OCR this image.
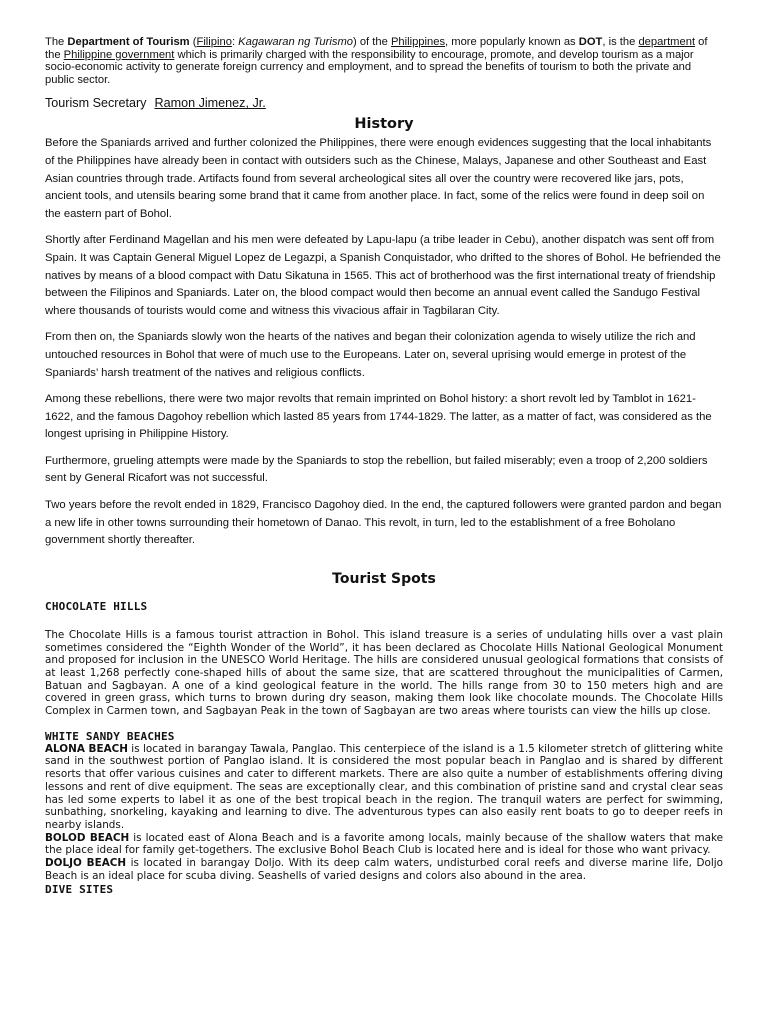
The Department of Tourism (Filipino: Kagawaran ng Turismo) of the Philippines, more popularly known as DOT, is the department of the Philippine government which is primarily charged with the responsibility to encourage, promote, and develop tourism as a major socio-economic activity to generate foreign currency and employment, and to spread the benefits of tourism to both the private and public sector.

Tourism Secretary Ramon Jimenez, Jr.

History

Before the Spaniards arrived and further colonized the Philippines, there were enough evidences suggesting that the local inhabitants of the Philippines have already been in contact with outsiders such as the Chinese, Malays, Japanese and other Southeast and East Asian countries through trade. Artifacts found from several archeological sites all over the country were recovered like jars, pots, ancient tools, and utensils bearing some brand that it came from another place. In fact, some of the relics were found in deep soil on the eastern part of Bohol.

Shortly after Ferdinand Magellan and his men were defeated by Lapu-lapu (a tribe leader in Cebu), another dispatch was sent off from Spain. It was Captain General Miguel Lopez de Legazpi, a Spanish Conquistador, who drifted to the shores of Bohol. He befriended the natives by means of a blood compact with Datu Sikatuna in 1565. This act of brotherhood was the first international treaty of friendship between the Filipinos and Spaniards. Later on, the blood compact would then become an annual event called the Sandugo Festival where thousands of tourists would come and witness this vivacious affair in Tagbilaran City.

From then on, the Spaniards slowly won the hearts of the natives and began their colonization agenda to wisely utilize the rich and untouched resources in Bohol that were of much use to the Europeans. Later on, several uprising would emerge in protest of the Spaniards’ harsh treatment of the natives and religious conflicts.

Among these rebellions, there were two major revolts that remain imprinted on Bohol history: a short revolt led by Tamblot in 1621-1622, and the famous Dagohoy rebellion which lasted 85 years from 1744-1829. The latter, as a matter of fact, was considered as the longest uprising in Philippine History.

Furthermore, grueling attempts were made by the Spaniards to stop the rebellion, but failed miserably; even a troop of 2,200 soldiers sent by General Ricafort was not successful.

Two years before the revolt ended in 1829, Francisco Dagohoy died. In the end, the captured followers were granted pardon and began a new life in other towns surrounding their hometown of Danao. This revolt, in turn, led to the establishment of a free Boholano government shortly thereafter.

Tourist Spots
CHOCOLATE HILLS

The Chocolate Hills is a famous tourist attraction in Bohol. This island treasure is a series of undulating hills over a vast plain sometimes considered the “Eighth Wonder of the World”, it has been declared as Chocolate Hills National Geological Monument and proposed for inclusion in the UNESCO World Heritage. The hills are considered unusual geological formations that consists of at least 1,268 perfectly cone-shaped hills of about the same size, that are scattered throughout the municipalities of Carmen, Batuan and Sagbayan. A one of a kind geological feature in the world. The hills range from 30 to 150 meters high and are covered in green grass, which turns to brown during dry season, making them look like chocolate mounds. The Chocolate Hills Complex in Carmen town, and Sagbayan Peak in the town of Sagbayan are two areas where tourists can view the hills up close.

WHITE SANDY BEACHES

ALONA BEACH is located in barangay Tawala, Panglao. This centerpiece of the island is a 1.5 kilometer stretch of glittering white sand in the southwest portion of Panglao island. It is considered the most popular beach in Panglao and is shared by different resorts that offer various cuisines and cater to different markets. There are also quite a number of establishments offering diving lessons and rent of dive equipment. The seas are exceptionally clear, and this combination of pristine sand and crystal clear seas has led some experts to label it as one of the best tropical beach in the region. The tranquil waters are perfect for swimming, sunbathing, snorkeling, kayaking and learning to dive. The adventurous types can also easily rent boats to go to deeper reefs in nearby islands.

BOLOD BEACH is located east of Alona Beach and is a favorite among locals, mainly because of the shallow waters that make the place ideal for family get-togethers. The exclusive Bohol Beach Club is located here and is ideal for those who want privacy.

DOLJO BEACH is located in barangay Doljo. With its deep calm waters, undisturbed coral reefs and diverse marine life, Doljo Beach is an ideal place for scuba diving. Seashells of varied designs and colors also abound in the area.

DIVE SITES
